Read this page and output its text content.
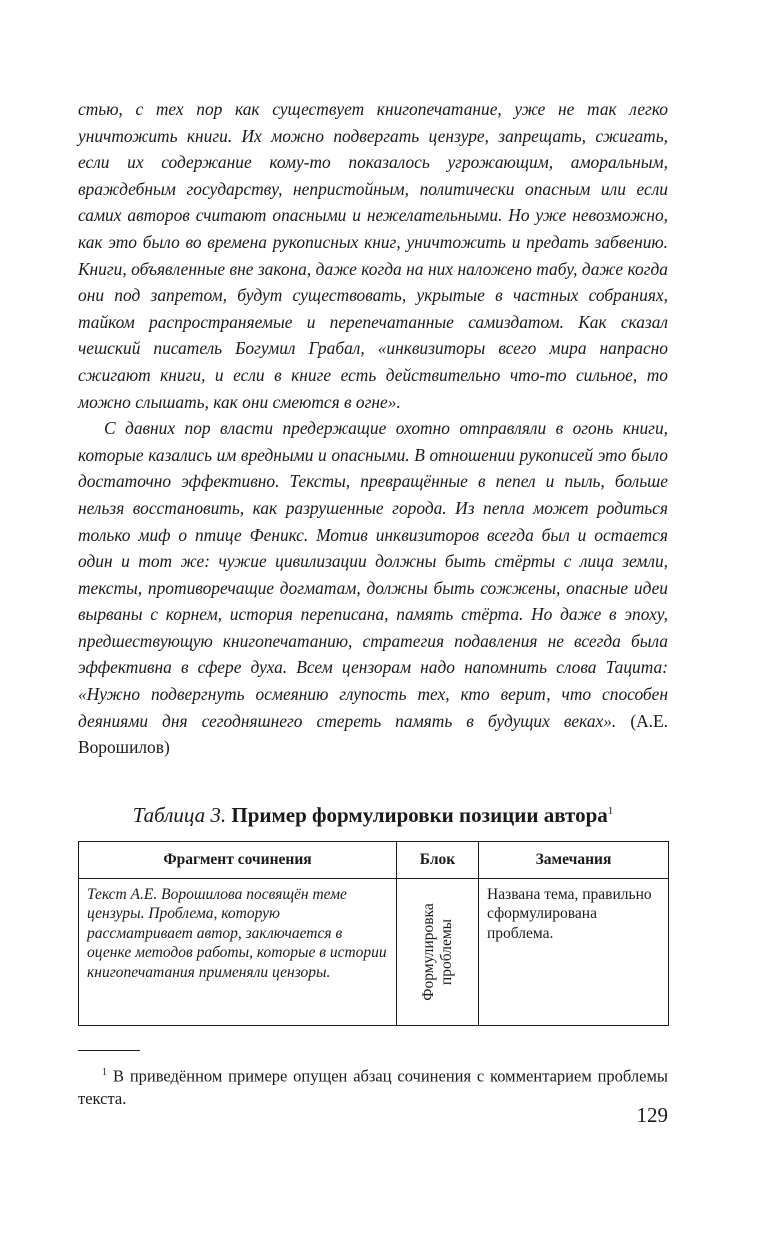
стью, с тех пор как существует книгопечатание, уже не так легко уничтожить книги. Их можно подвергать цензуре, запрещать, сжигать, если их содержание кому-то показалось угрожающим, аморальным, враждебным государству, непристойным, политически опасным или если самих авторов считают опасными и нежелательными. Но уже невозможно, как это было во времена рукописных книг, уничтожить и предать забвению. Книги, объявленные вне закона, даже когда на них наложено табу, даже когда они под запретом, будут существовать, укрытые в частных собраниях, тайком распространяемые и перепечатанные самиздатом. Как сказал чешский писатель Богумил Грабал, «инквизиторы всего мира напрасно сжигают книги, и если в книге есть действительно что-то сильное, то можно слышать, как они смеются в огне».

С давних пор власти предержащие охотно отправляли в огонь книги, которые казались им вредными и опасными. В отношении рукописей это было достаточно эффективно. Тексты, превращённые в пепел и пыль, больше нельзя восстановить, как разрушенные города. Из пепла может родиться только миф о птице Феникс. Мотив инквизиторов всегда был и остается один и тот же: чужие цивилизации должны быть стёрты с лица земли, тексты, противоречащие догматам, должны быть сожжены, опасные идеи вырваны с корнем, история переписана, память стёрта. Но даже в эпоху, предшествующую книгопечатанию, стратегия подавления не всегда была эффективна в сфере духа. Всем цензорам надо напомнить слова Тацита: «Нужно подвергнуть осмеянию глупость тех, кто верит, что способен деяниями дня сегодняшнего стереть память в будущих веках». (А.Е. Ворошилов)

Таблица 3. Пример формулировки позиции автора$^1$
Фрагмент сочинения	Блок	Замечания
Текст А.Е. Ворошилова посвящён теме цензуры. Проблема, которую рассматривает автор, заключается в оценке методов работы, которые в истории книгопечатания применяли цензоры.	Формулировка проблемы	Названа тема, правильно сформулирована проблема.

$^1$ В приведённом примере опущен абзац сочинения с комментарием проблемы текста.

129
